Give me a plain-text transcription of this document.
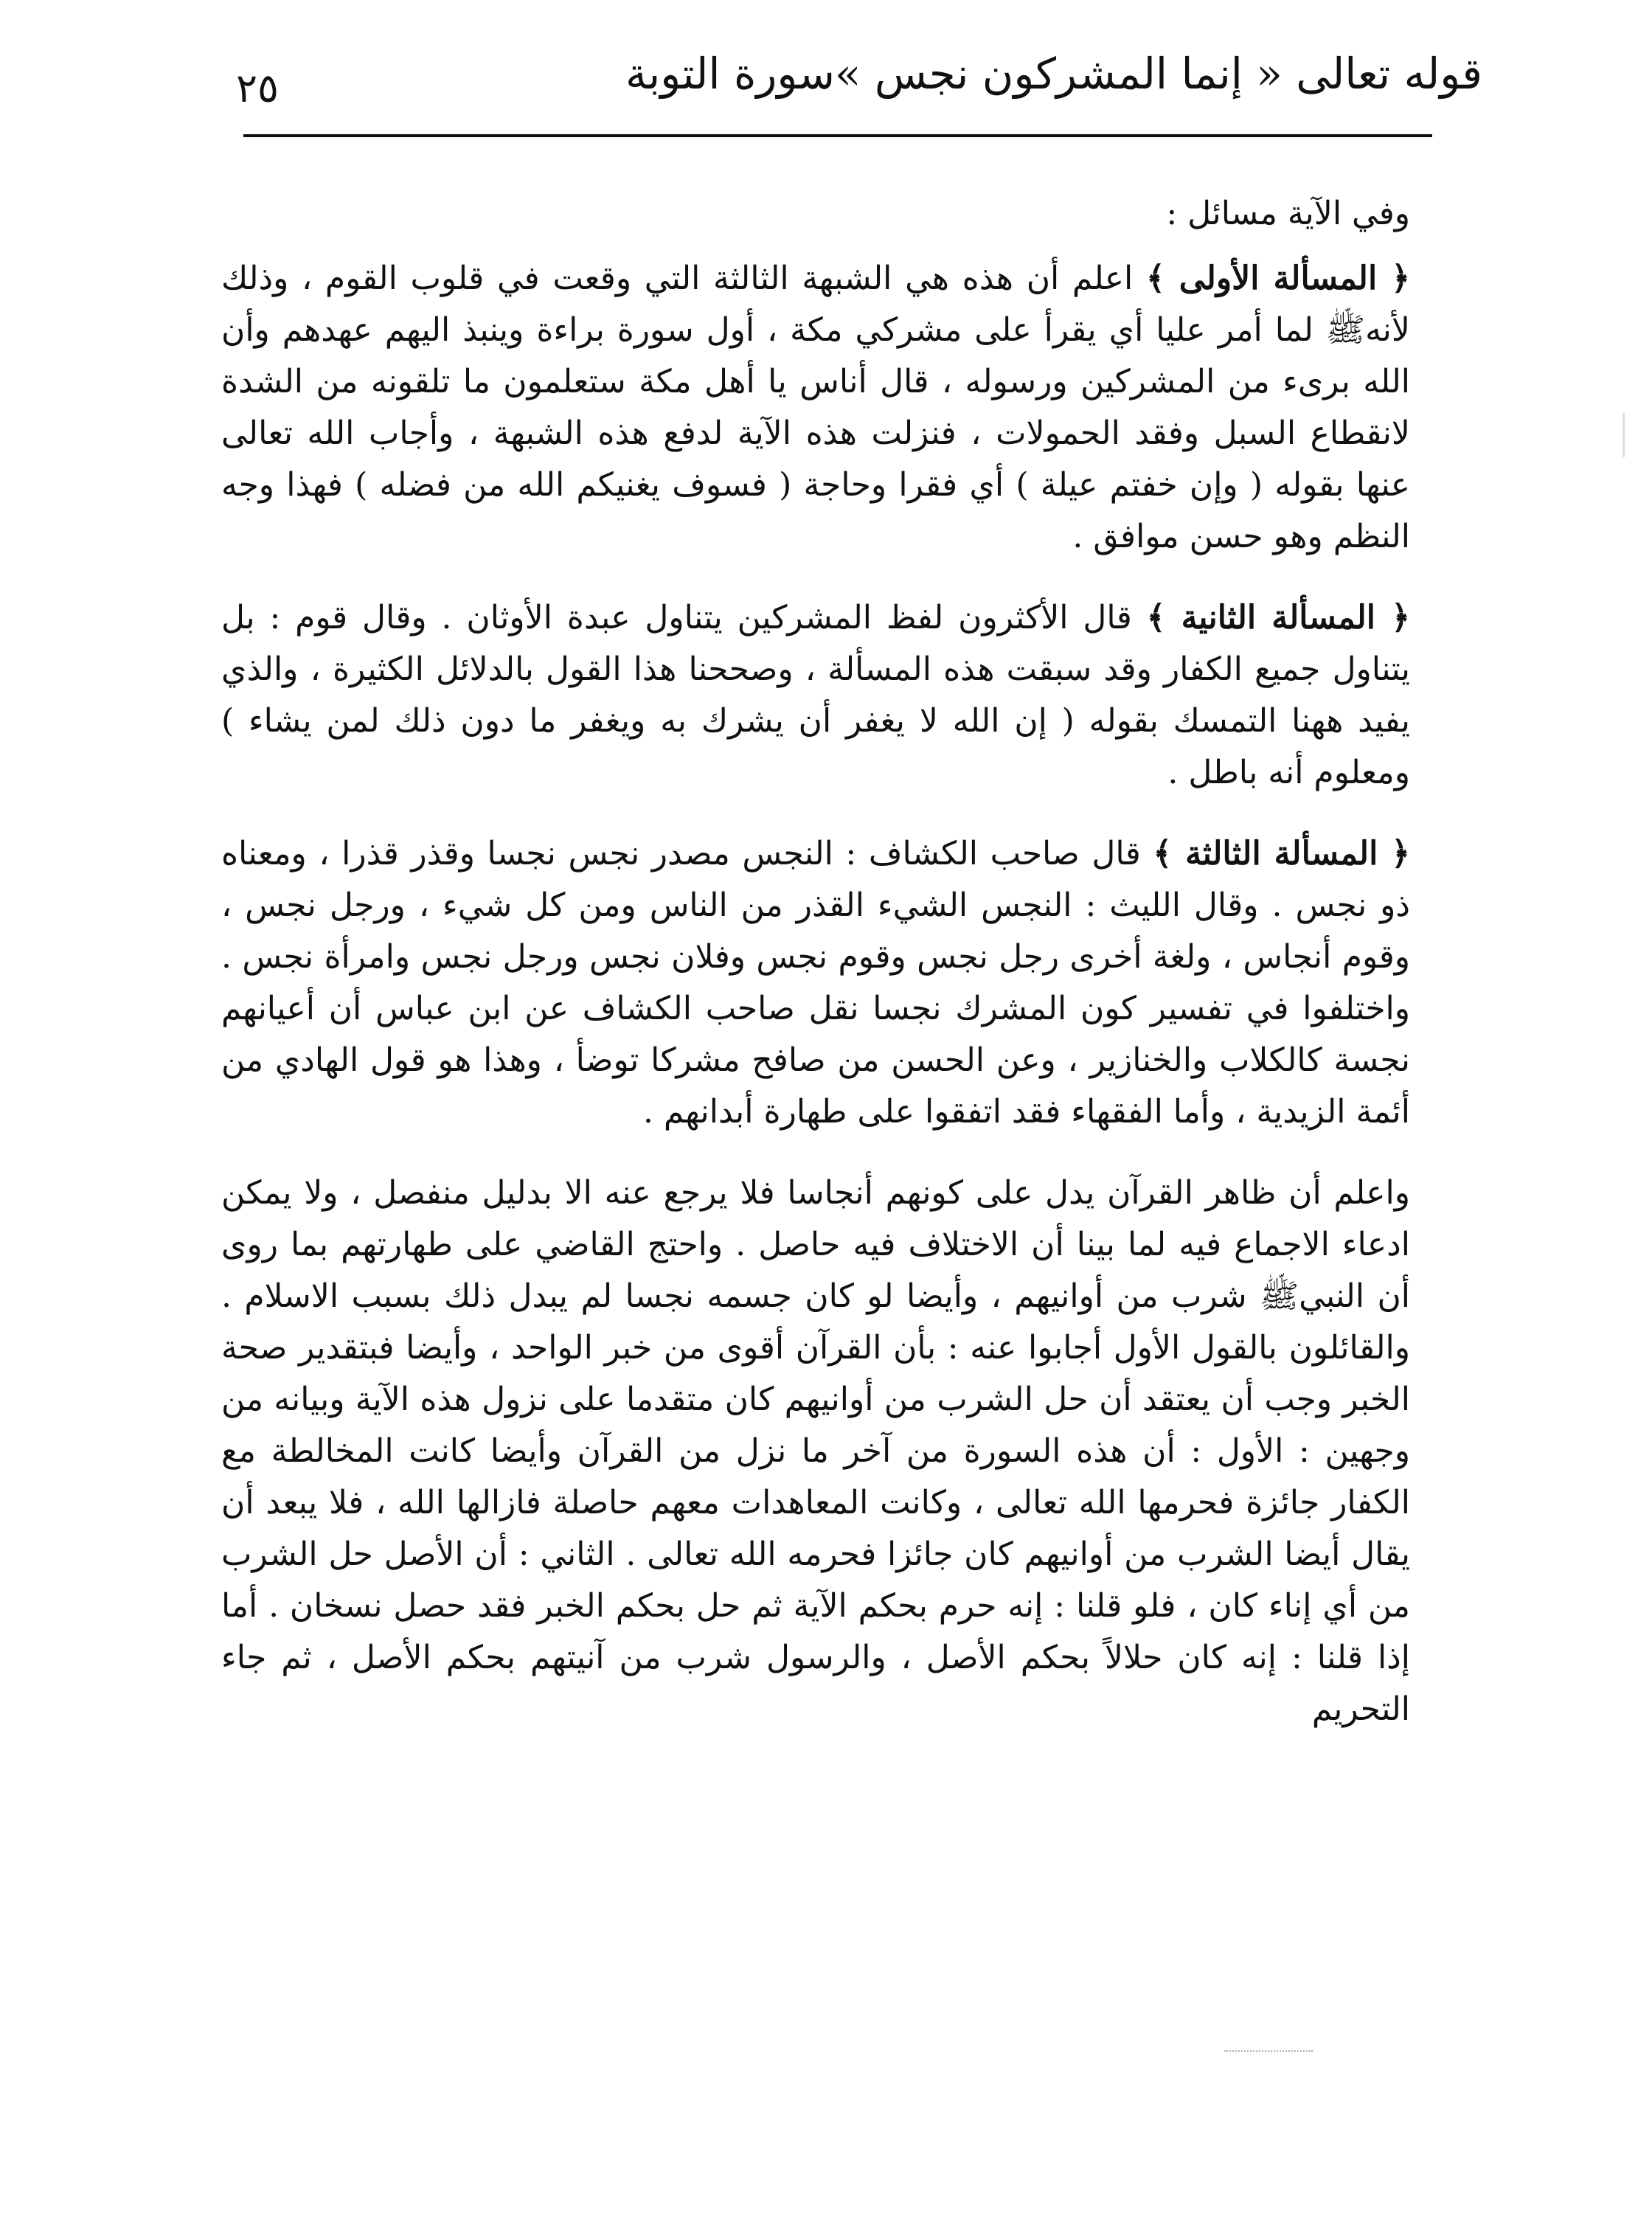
قوله تعالى « إنما المشركون نجس »سورة التوبة
٢٥

وفي الآية مسائل :

﴿ المسألة الأولى ﴾ اعلم أن هذه هي الشبهة الثالثة التي وقعت في قلوب القوم ، وذلك لأنهﷺ لما أمر عليا أي يقرأ على مشركي مكة ، أول سورة براءة وينبذ اليهم عهدهم وأن الله برىء من المشركين ورسوله ، قال أناس يا أهل مكة ستعلمون ما تلقونه من الشدة لانقطاع السبل وفقد الحمولات ، فنزلت هذه الآية لدفع هذه الشبهة ، وأجاب الله تعالى عنها بقوله ( وإن خفتم عيلة ) أي فقرا وحاجة ( فسوف يغنيكم الله من فضله ) فهذا وجه النظم وهو حسن موافق .

﴿ المسألة الثانية ﴾ قال الأكثرون لفظ المشركين يتناول عبدة الأوثان . وقال قوم : بل يتناول جميع الكفار وقد سبقت هذه المسألة ، وصححنا هذا القول بالدلائل الكثيرة ، والذي يفيد ههنا التمسك بقوله ( إن الله لا يغفر أن يشرك به ويغفر ما دون ذلك لمن يشاء ) ومعلوم أنه باطل .

﴿ المسألة الثالثة ﴾ قال صاحب الكشاف : النجس مصدر نجس نجسا وقذر قذرا ، ومعناه ذو نجس . وقال الليث : النجس الشيء القذر من الناس ومن كل شيء ، ورجل نجس ، وقوم أنجاس ، ولغة أخرى رجل نجس وقوم نجس وفلان نجس ورجل نجس وامرأة نجس . واختلفوا في تفسير كون المشرك نجسا نقل صاحب الكشاف عن ابن عباس أن أعيانهم نجسة كالكلاب والخنازير ، وعن الحسن من صافح مشركا توضأ ، وهذا هو قول الهادي من أئمة الزيدية ، وأما الفقهاء فقد اتفقوا على طهارة أبدانهم .

واعلم أن ظاهر القرآن يدل على كونهم أنجاسا فلا يرجع عنه الا بدليل منفصل ، ولا يمكن ادعاء الاجماع فيه لما بينا أن الاختلاف فيه حاصل . واحتج القاضي على طهارتهم بما روى أن النبيﷺ شرب من أوانيهم ، وأيضا لو كان جسمه نجسا لم يبدل ذلك بسبب الاسلام . والقائلون بالقول الأول أجابوا عنه : بأن القرآن أقوى من خبر الواحد ، وأيضا فبتقدير صحة الخبر وجب أن يعتقد أن حل الشرب من أوانيهم كان متقدما على نزول هذه الآية وبيانه من وجهين : الأول : أن هذه السورة من آخر ما نزل من القرآن وأيضا كانت المخالطة مع الكفار جائزة فحرمها الله تعالى ، وكانت المعاهدات معهم حاصلة فازالها الله ، فلا يبعد أن يقال أيضا الشرب من أوانيهم كان جائزا فحرمه الله تعالى . الثاني : أن الأصل حل الشرب من أي إناء كان ، فلو قلنا : إنه حرم بحكم الآية ثم حل بحكم الخبر فقد حصل نسخان . أما إذا قلنا : إنه كان حلالاً بحكم الأصل ، والرسول شرب من آنيتهم بحكم الأصل ، ثم جاء التحريم
